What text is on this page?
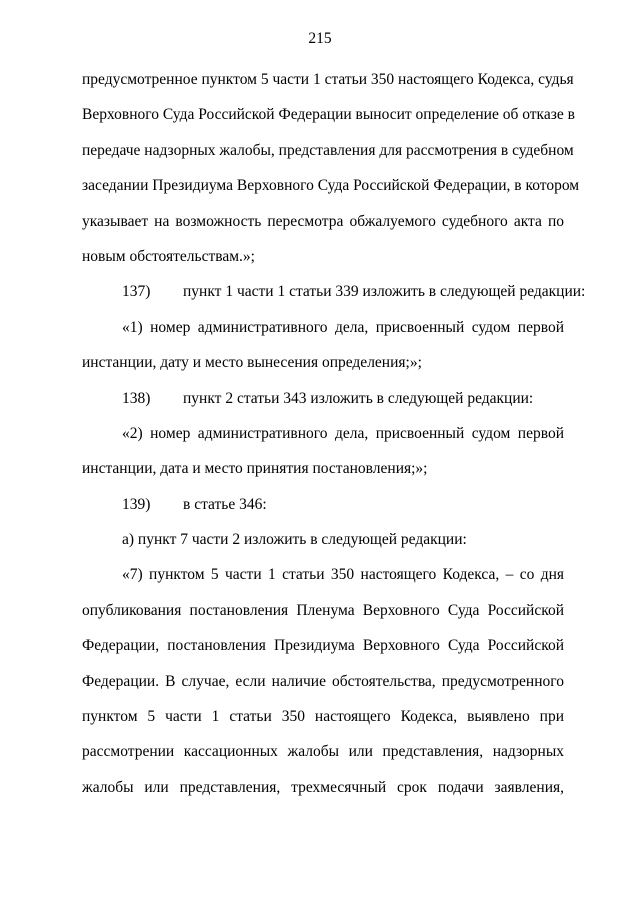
215
предусмотренное пунктом 5 части 1 статьи 350 настоящего Кодекса, судья
Верховного Суда Российской Федерации выносит определение об отказе в
передаче надзорных жалобы, представления для рассмотрения в судебном
заседании Президиума Верховного Суда Российской Федерации, в котором
указывает на возможность пересмотра обжалуемого судебного акта по
новым обстоятельствам.»;
137) пункт 1 части 1 статьи 339 изложить в следующей редакции:
«1) номер административного дела, присвоенный судом первой
инстанции, дату и место вынесения определения;»;
138) пункт 2 статьи 343 изложить в следующей редакции:
«2) номер административного дела, присвоенный судом первой
инстанции, дата и место принятия постановления;»;
139) в статье 346:
а) пункт 7 части 2 изложить в следующей редакции:
«7) пунктом 5 части 1 статьи 350 настоящего Кодекса, – со дня
опубликования постановления Пленума Верховного Суда Российской
Федерации, постановления Президиума Верховного Суда Российской
Федерации. В случае, если наличие обстоятельства, предусмотренного
пунктом 5 части 1 статьи 350 настоящего Кодекса, выявлено при
рассмотрении кассационных жалобы или представления, надзорных
жалобы или представления, трехмесячный срок подачи заявления,
